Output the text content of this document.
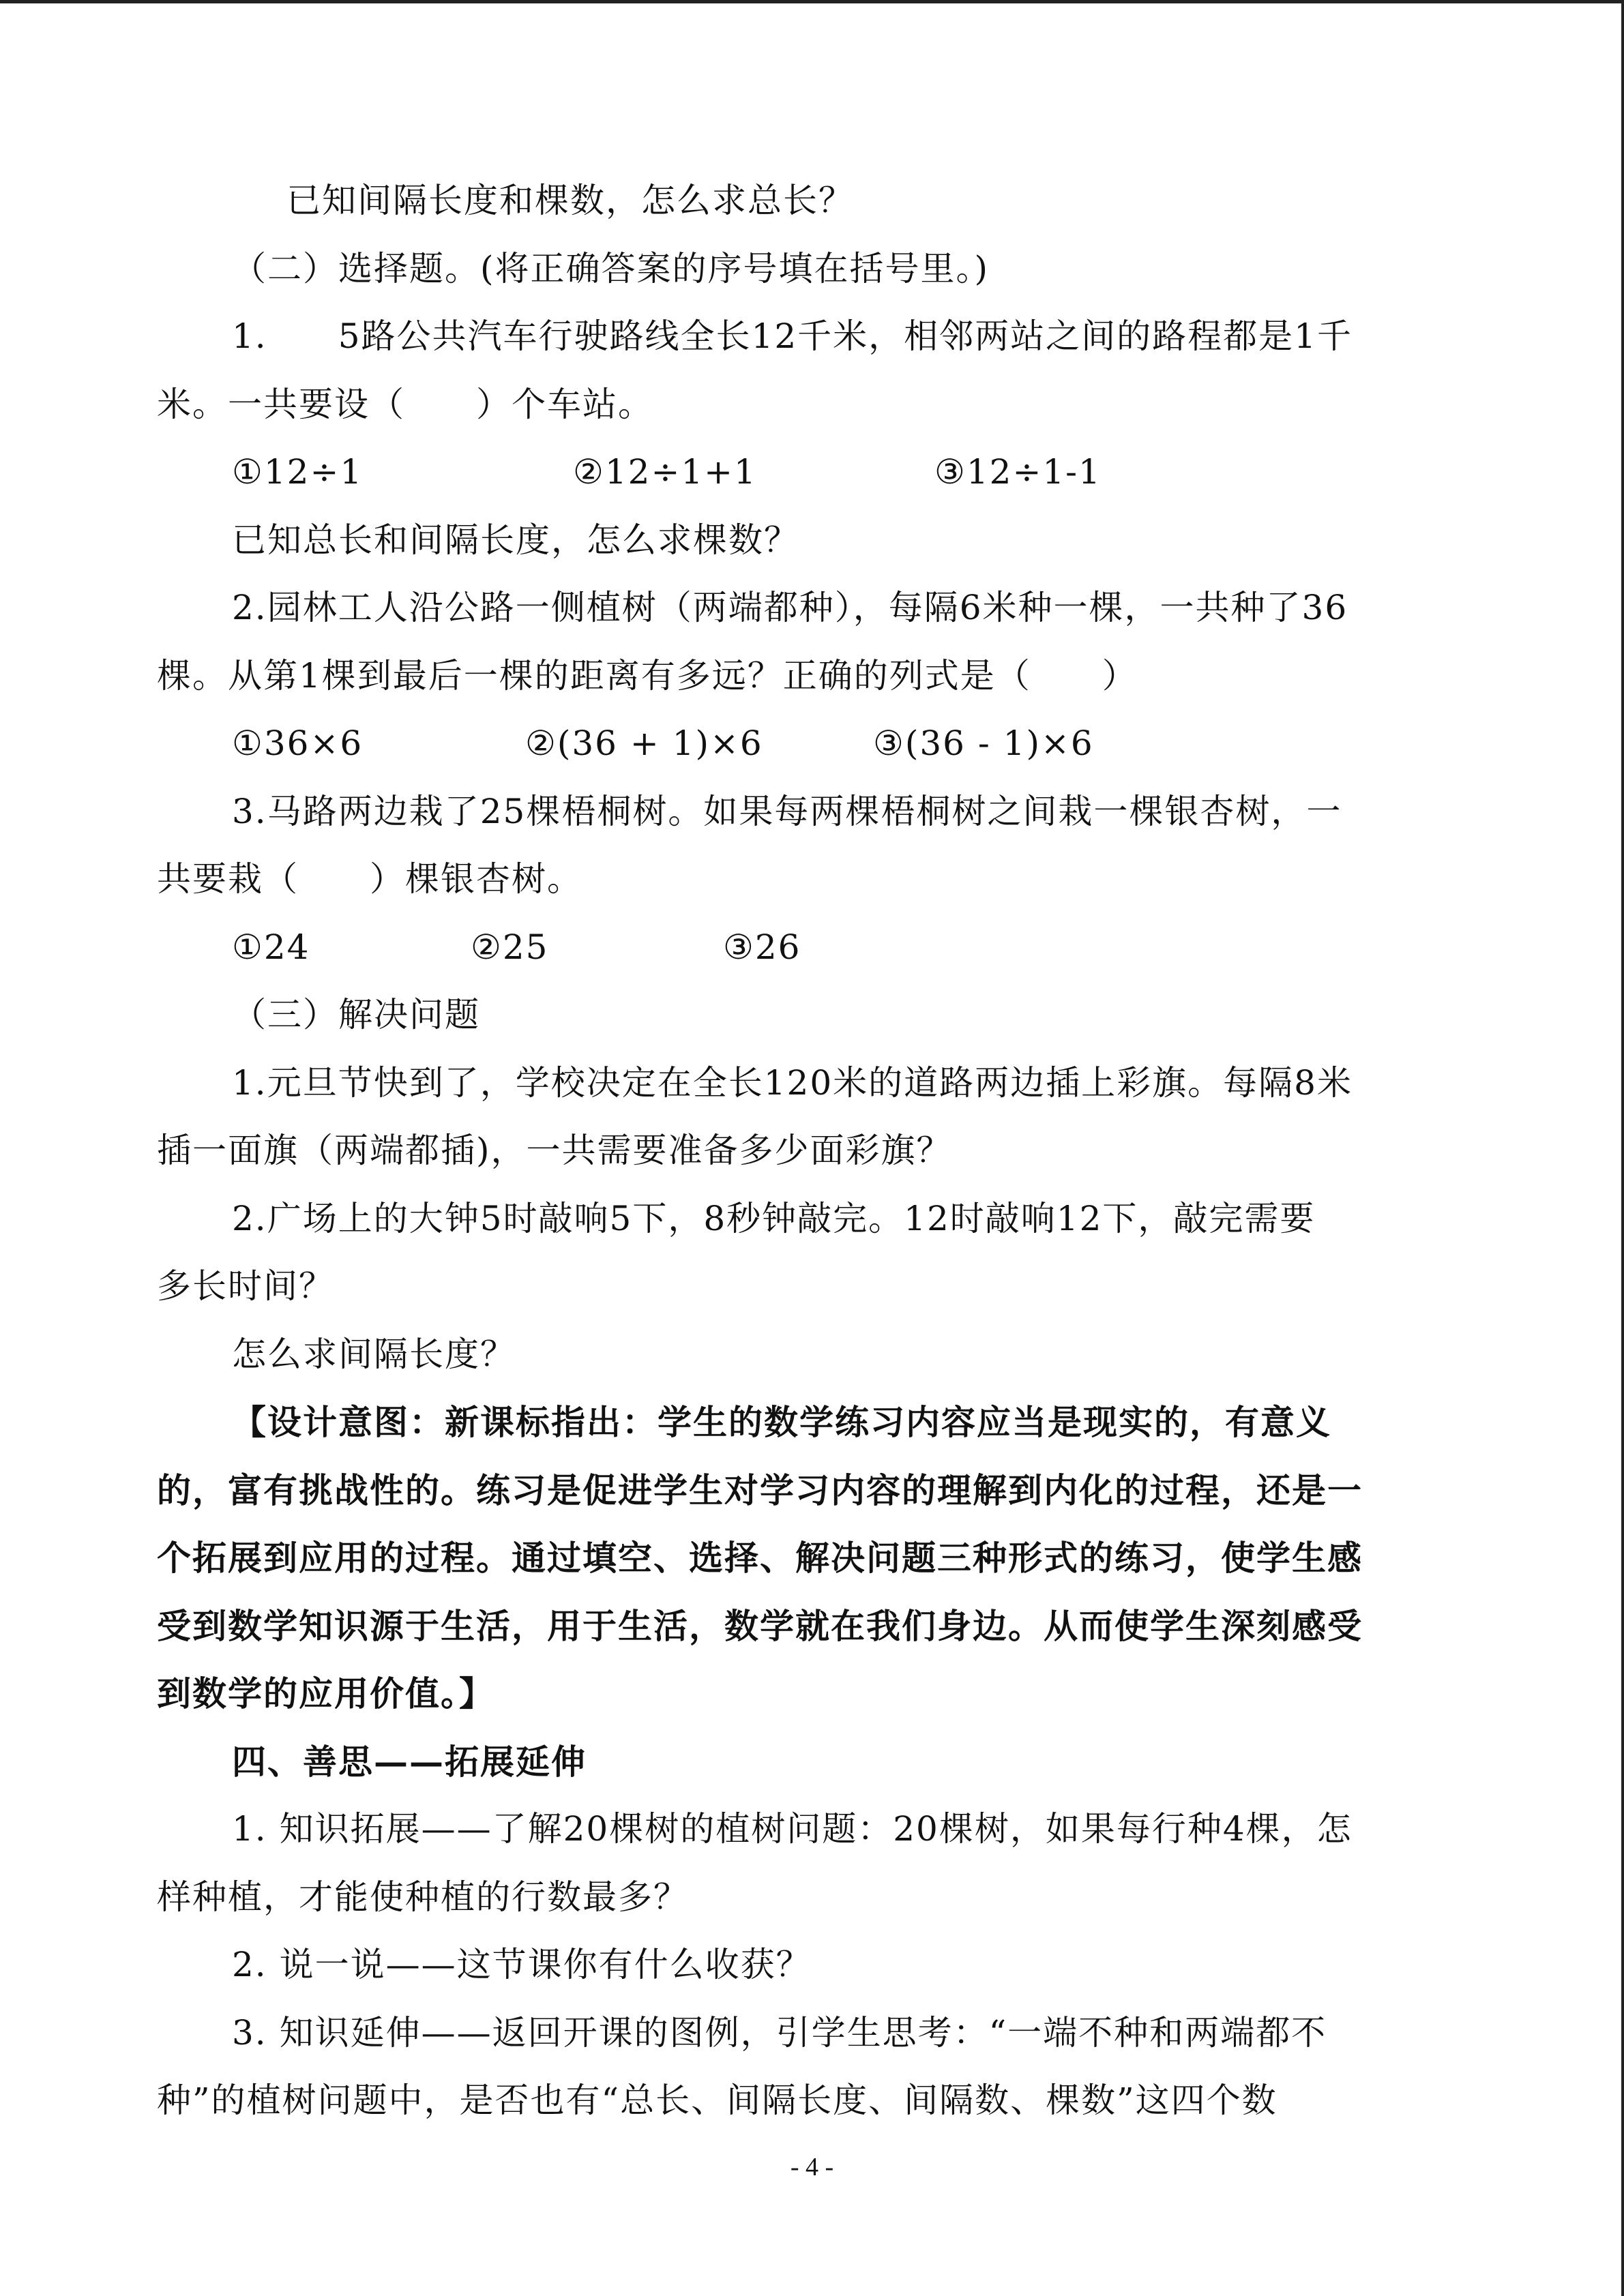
已知间隔长度和棵数，怎么求总长？
（二）选择题。(将正确答案的序号填在括号里。)
1.　　5路公共汽车行驶路线全长12千米，相邻两站之间的路程都是1千
米。一共要设（　　）个车站。
①12÷1	②12÷1+1	③12÷1-1
已知总长和间隔长度，怎么求棵数？
2.园林工人沿公路一侧植树（两端都种），每隔6米种一棵，一共种了36
棵。从第1棵到最后一棵的距离有多远？正确的列式是（　　）
①36×6	②(36 + 1)×6	③(36 - 1)×6
3.马路两边栽了25棵梧桐树。如果每两棵梧桐树之间栽一棵银杏树，一
共要栽（　　）棵银杏树。
①24	②25	③26
（三）解决问题
1.元旦节快到了，学校决定在全长120米的道路两边插上彩旗。每隔8米
插一面旗（两端都插)，一共需要准备多少面彩旗？
2.广场上的大钟5时敲响5下，8秒钟敲完。12时敲响12下，敲完需要
多长时间？
怎么求间隔长度？
【设计意图：新课标指出：学生的数学练习内容应当是现实的，有意义
的，富有挑战性的。练习是促进学生对学习内容的理解到内化的过程，还是一
个拓展到应用的过程。通过填空、选择、解决问题三种形式的练习，使学生感
受到数学知识源于生活，用于生活，数学就在我们身边。从而使学生深刻感受
到数学的应用价值。】
四、善思——拓展延伸
1. 知识拓展——了解20棵树的植树问题：20棵树，如果每行种4棵，怎
样种植，才能使种植的行数最多？
2. 说一说——这节课你有什么收获？
3. 知识延伸——返回开课的图例，引学生思考：“一端不种和两端都不
种”的植树问题中，是否也有“总长、间隔长度、间隔数、棵数”这四个数
- 4 -
